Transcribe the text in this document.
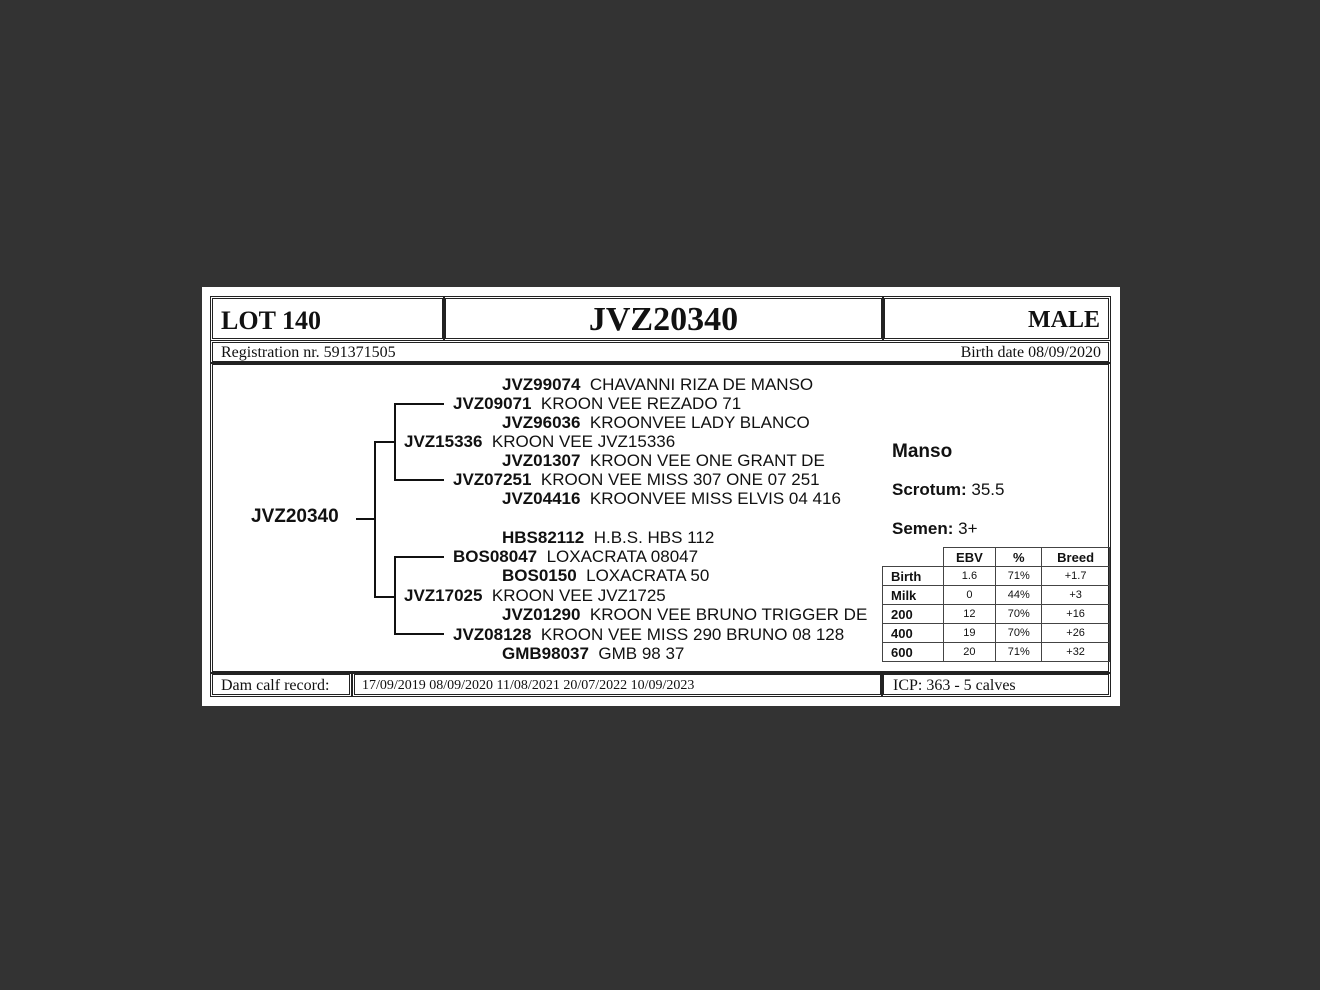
LOT 140	JVZ20340	MALE
Registration nr. 591371505	Birth date 08/09/2020
JVZ20340
JVZ99074 CHAVANNI RIZA DE MANSO
JVZ09071 KROON VEE REZADO 71
JVZ96036 KROONVEE LADY BLANCO
JVZ15336 KROON VEE JVZ15336
JVZ01307 KROON VEE ONE GRANT DE
JVZ07251 KROON VEE MISS 307 ONE 07 251
JVZ04416 KROONVEE MISS ELVIS 04 416
HBS82112 H.B.S. HBS 112
BOS08047 LOXACRATA 08047
BOS0150 LOXACRATA 50
JVZ17025 KROON VEE JVZ1725
JVZ01290 KROON VEE BRUNO TRIGGER DE
JVZ08128 KROON VEE MISS 290 BRUNO 08 128
GMB98037 GMB 98 37
Manso
Scrotum: 35.5
Semen: 3+
	EBV	%	Breed
Birth	1.6	71%	+1.7
Milk	0	44%	+3
200	12	70%	+16
400	19	70%	+26
600	20	71%	+32
Dam calf record: 17/09/2019 08/09/2020 11/08/2021 20/07/2022 10/09/2023	ICP: 363 - 5 calves
